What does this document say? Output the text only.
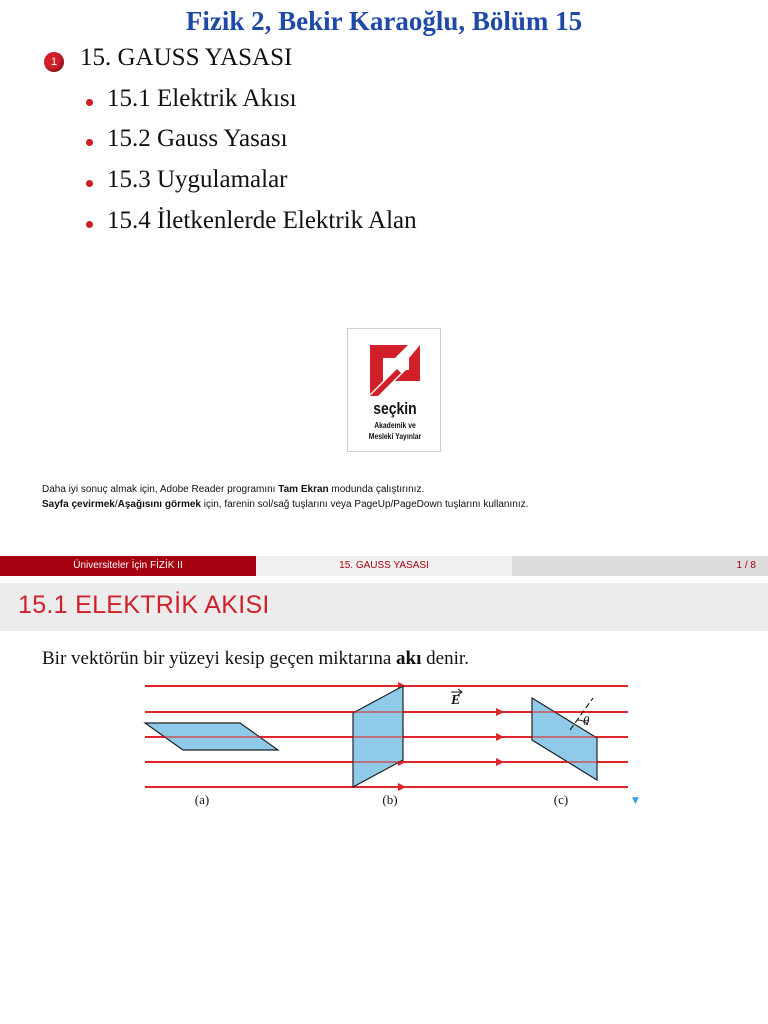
Fizik 2, Bekir Karaoğlu, Bölüm 15
1 15. GAUSS YASASI
15.1 Elektrik Akısı
15.2 Gauss Yasası
15.3 Uygulamalar
15.4 İletkenlerde Elektrik Alan
seçkin
Akademik ve
Mesleki Yayınlar
Daha iyi sonuç almak için, Adobe Reader programını Tam Ekran modunda çalıştırınız.
Sayfa çevirmek/Aşağısını görmek için, farenin sol/sağ tuşlarını veya PageUp/PageDown tuşlarını kullanınız.
Üniversiteler İçin FİZİK II	15. GAUSS YASASI	1 / 8
15.1 ELEKTRİK AKISI
Bir vektörün bir yüzeyi kesip geçen miktarına akı denir.
E
θ
(a)	(b)	(c)	▼
